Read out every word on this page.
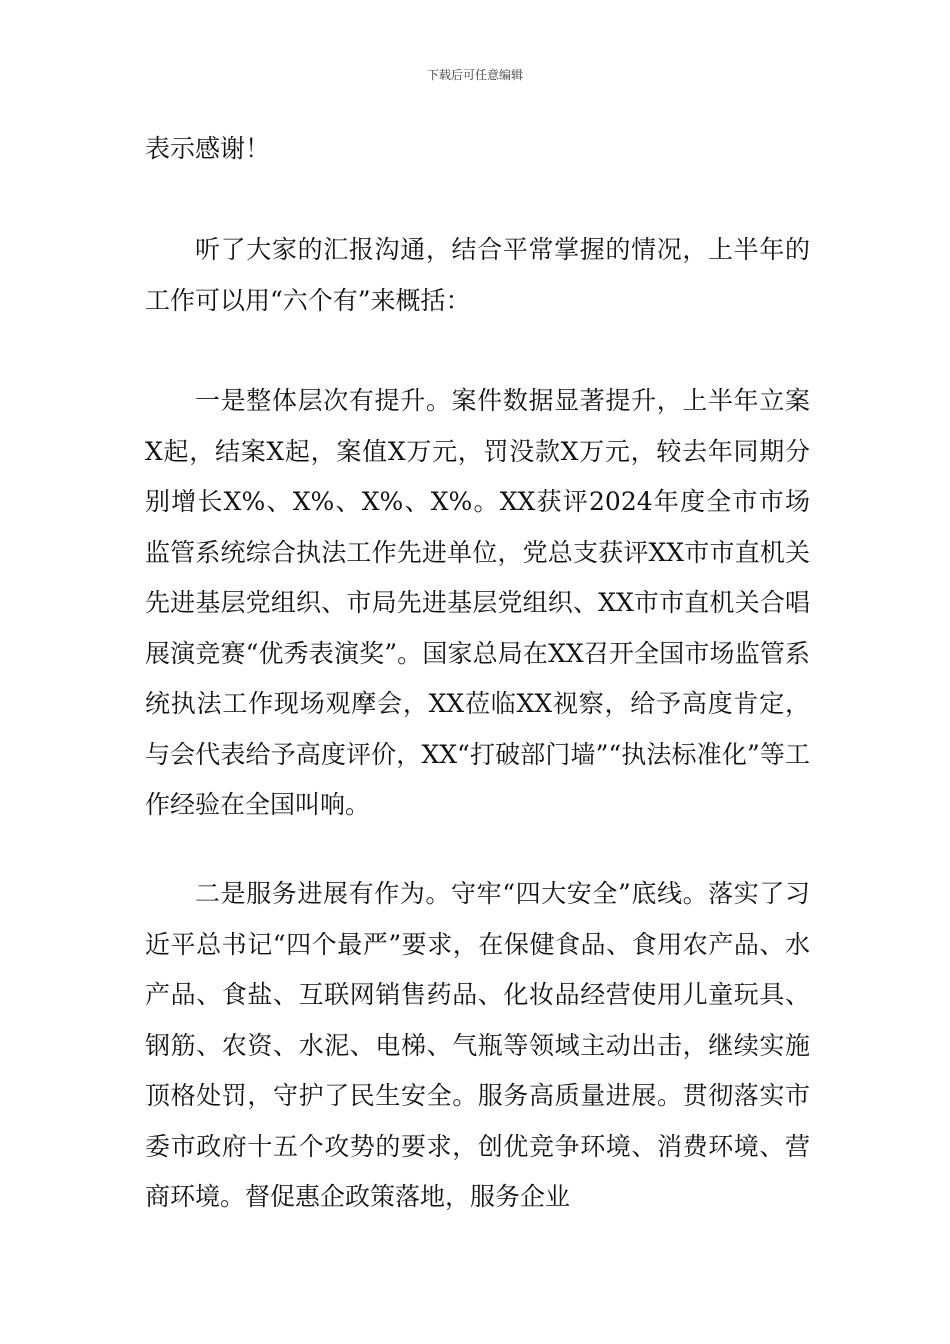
下载后可任意编辑

表示感谢！

听了大家的汇报沟通，结合平常掌握的情况，上半年的工作可以用“六个有”来概括：

一是整体层次有提升。案件数据显著提升，上半年立案X起，结案X起，案值X万元，罚没款X万元，较去年同期分别增长X%、X%、X%、X%。XX获评2024年度全市市场监管系统综合执法工作先进单位，党总支获评XX市市直机关先进基层党组织、市局先进基层党组织、XX市市直机关合唱展演竞赛“优秀表演奖”。国家总局在XX召开全国市场监管系统执法工作现场观摩会，XX莅临XX视察，给予高度肯定，与会代表给予高度评价，XX“打破部门墙”“执法标准化”等工作经验在全国叫响。

二是服务进展有作为。守牢“四大安全”底线。落实了习近平总书记“四个最严”要求，在保健食品、食用农产品、水产品、食盐、互联网销售药品、化妆品经营使用儿童玩具、钢筋、农资、水泥、电梯、气瓶等领域主动出击，继续实施顶格处罚，守护了民生安全。服务高质量进展。贯彻落实市委市政府十五个攻势的要求，创优竞争环境、消费环境、营商环境。督促惠企政策落地，服务企业
